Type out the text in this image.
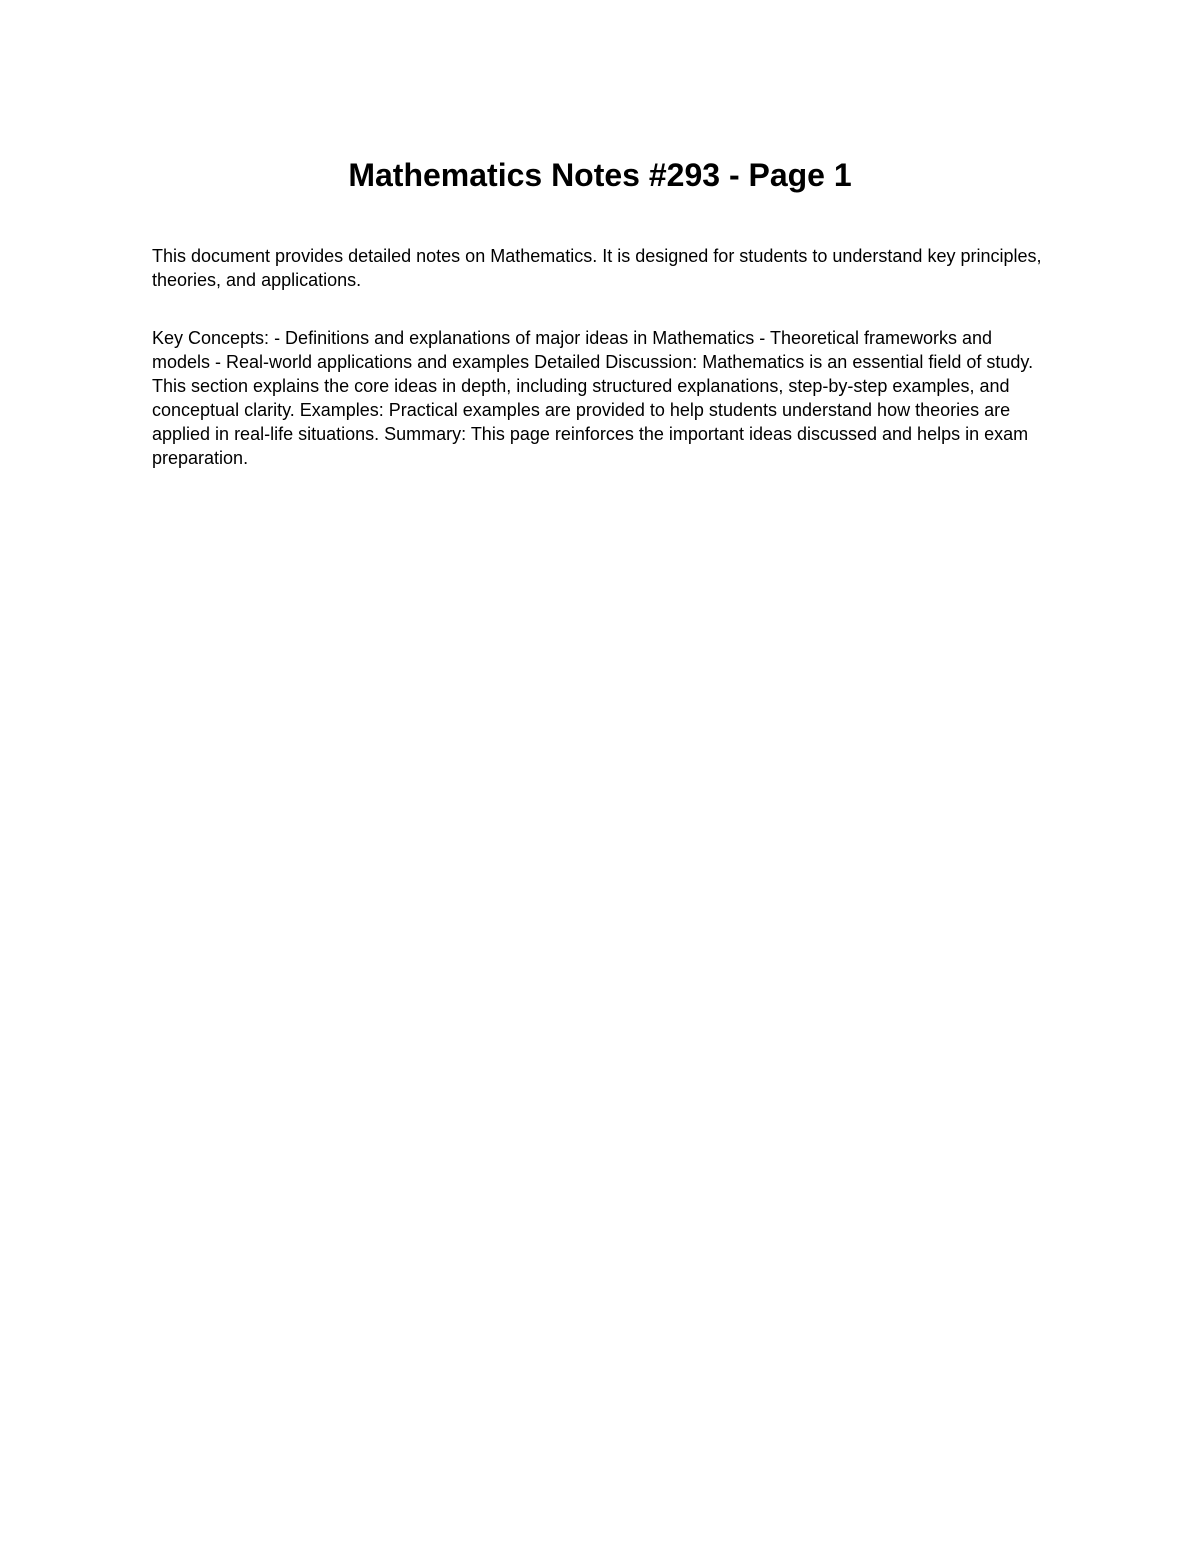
Mathematics Notes #293 - Page 1

This document provides detailed notes on Mathematics. It is designed for students to understand key principles, theories, and applications.

Key Concepts: - Definitions and explanations of major ideas in Mathematics - Theoretical frameworks and models - Real-world applications and examples Detailed Discussion: Mathematics is an essential field of study. This section explains the core ideas in depth, including structured explanations, step-by-step examples, and conceptual clarity. Examples: Practical examples are provided to help students understand how theories are applied in real-life situations. Summary: This page reinforces the important ideas discussed and helps in exam preparation.
